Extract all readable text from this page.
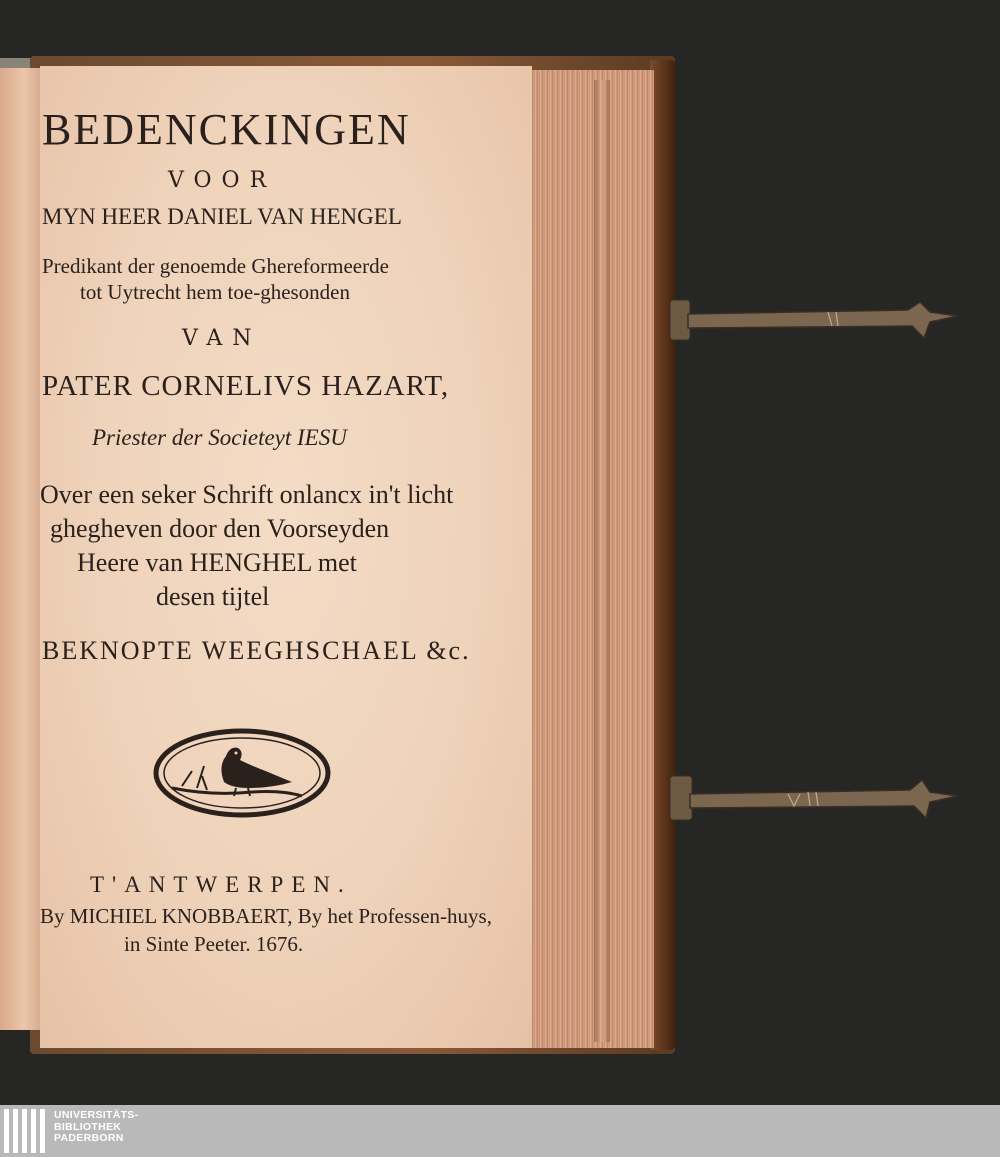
BEDENCKINGEN
VOOR
MYN HEER DANIEL VAN HENGEL
Predikant der genoemde Ghereformeerde
tot Uytrecht hem toe-ghesonden
VAN
PATER CORNELIVS HAZART,
Priester der Societeyt IESU
Over een seker Schrift onlancx in't licht
ghegheven door den Voorseyden
Heere van HENGHEL met
desen tijtel
BEKNOPTE WEEGHSCHAEL &c.
T'ANTWERPEN.
By MICHIEL KNOBBAERT, By het Professen-huys,
in Sinte Peeter. 1676.
UNIVERSITÄTS-
BIBLIOTHEK
PADERBORN
